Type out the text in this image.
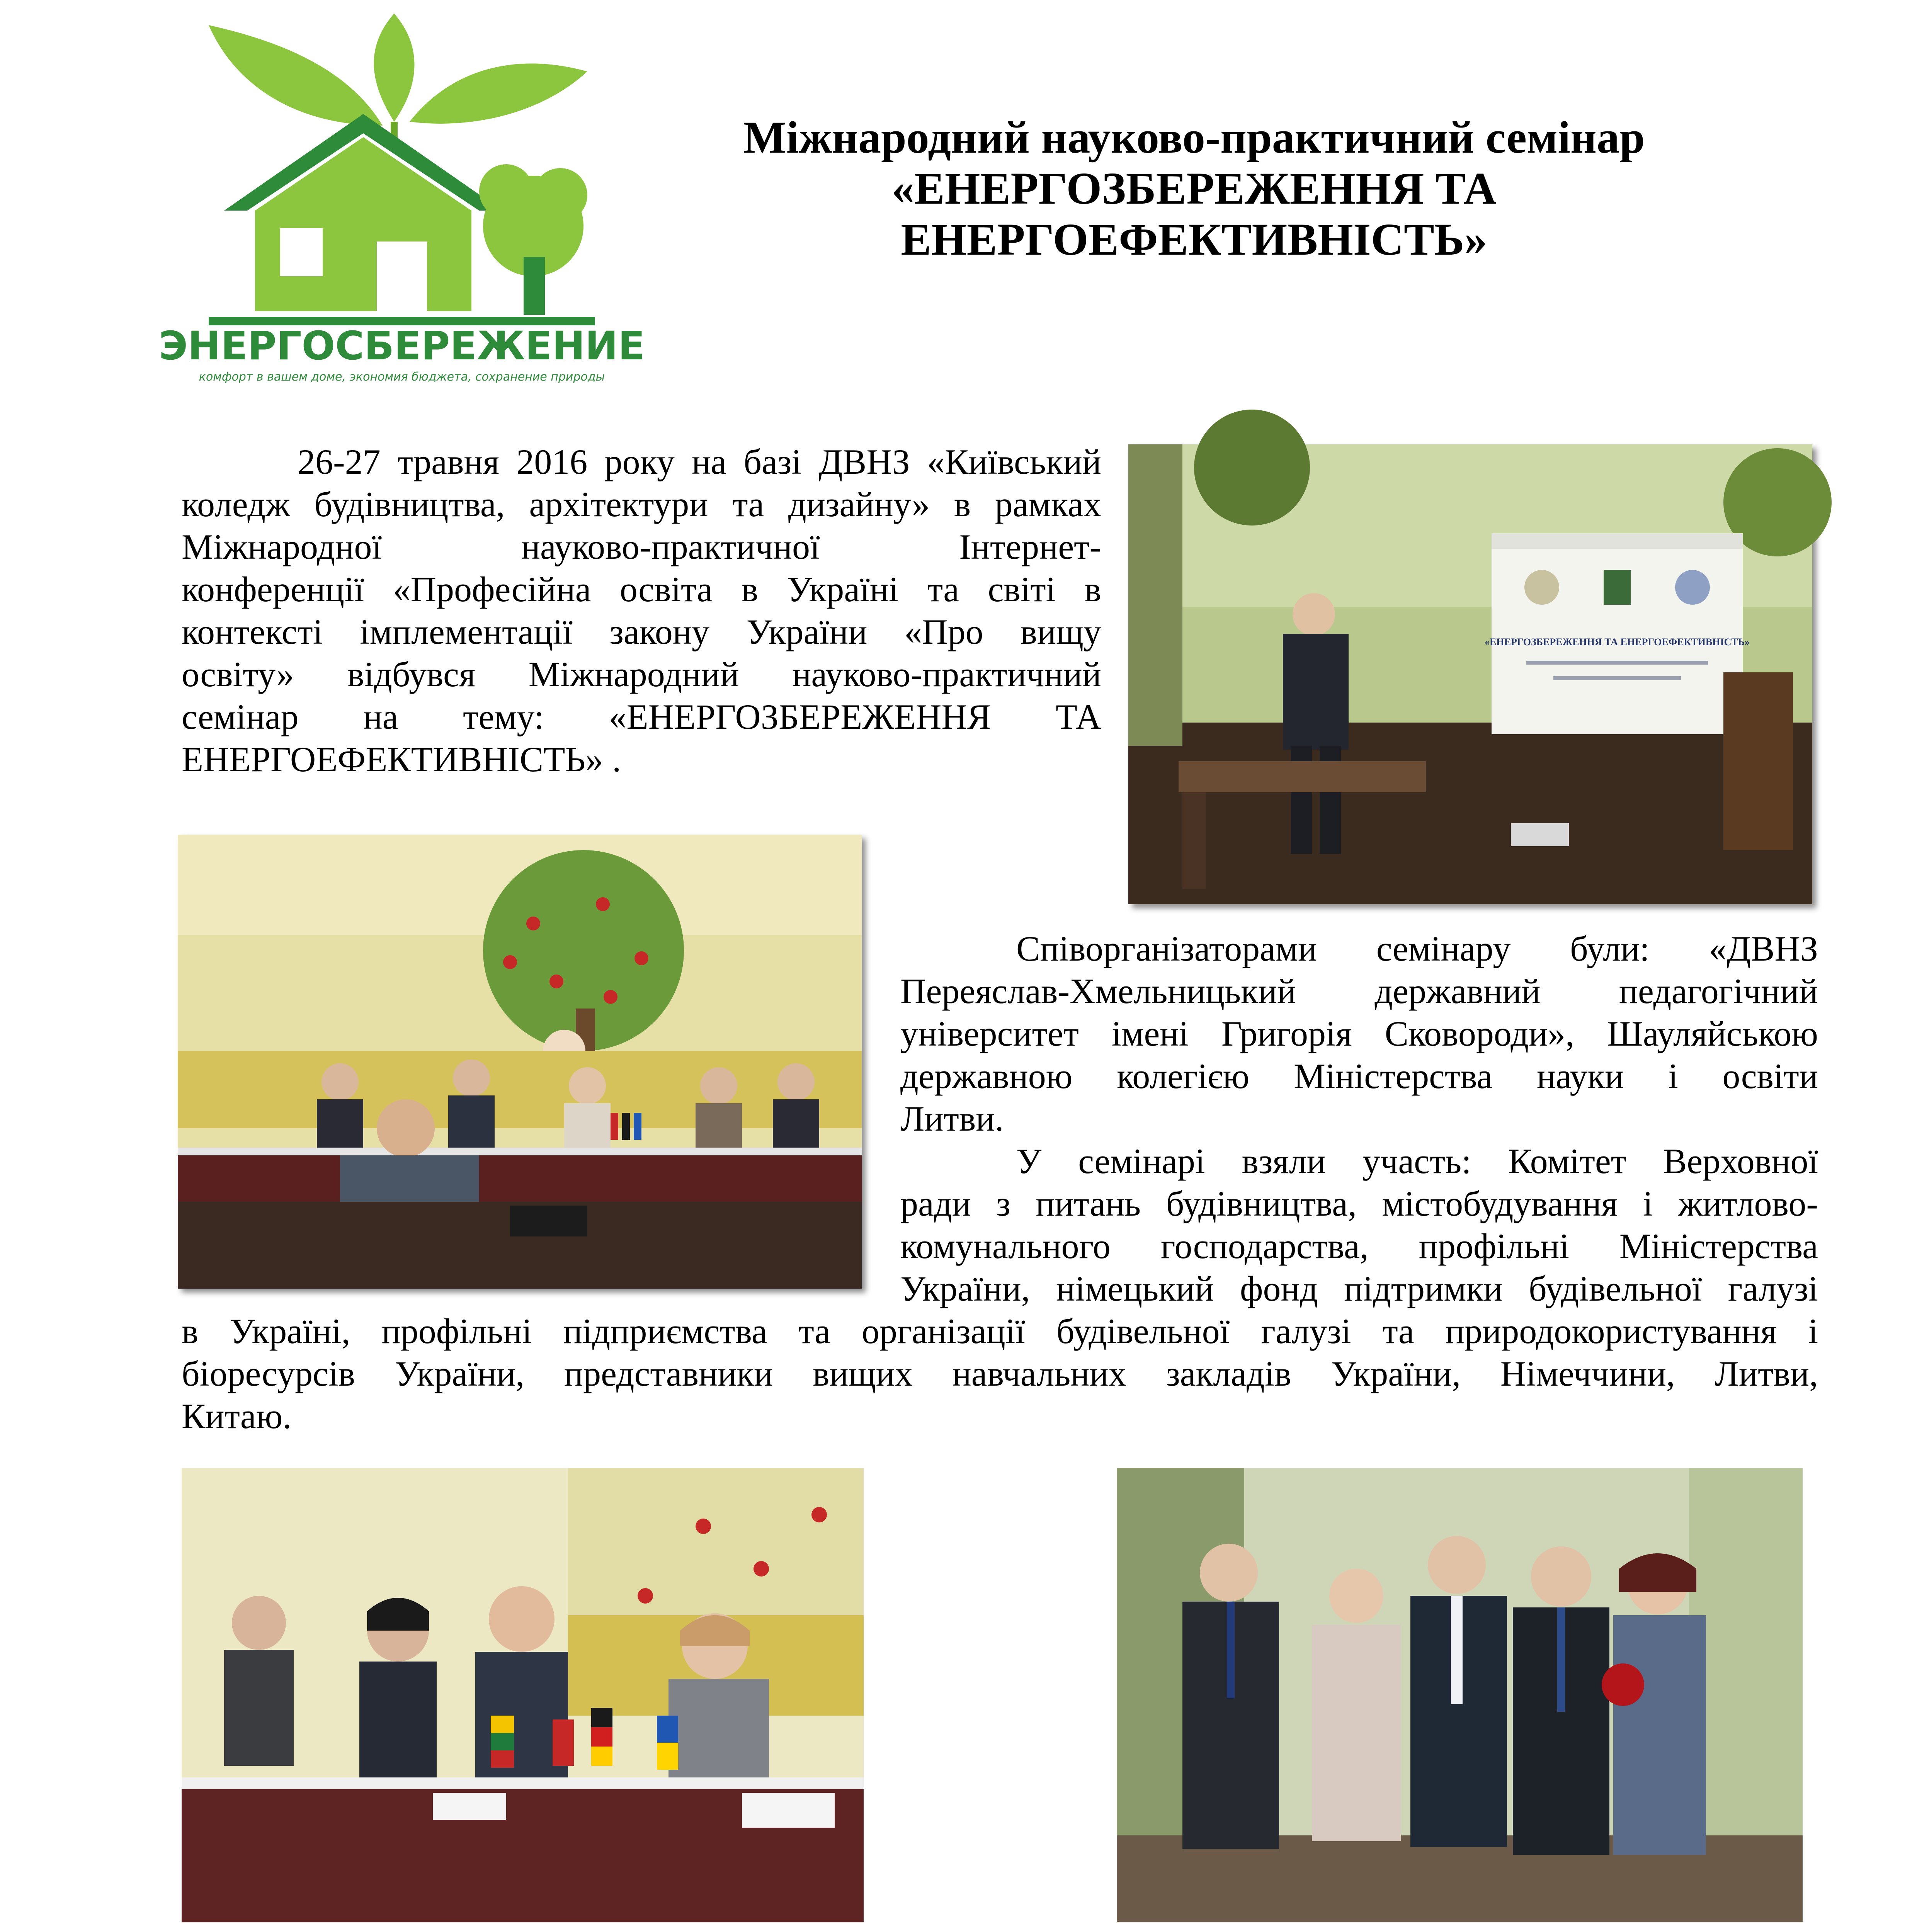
ЭНЕРГОСБЕРЕЖЕНИЕ
комфорт в вашем доме, экономия бюджета, сохранение природы
Міжнародний науково-практичний семінар
«ЕНЕРГОЗБЕРЕЖЕННЯ ТА
ЕНЕРГОЕФЕКТИВНІСТЬ»
26-27 травня 2016 року на базі ДВНЗ «Київський
коледж будівництва, архітектури та дизайну» в рамках
Міжнародної науково-практичної Інтернет-
конференції «Професійна освіта в Україні та світі в
контексті імплементації закону України «Про вищу
освіту» відбувся Міжнародний науково-практичний
семінар на тему: «ЕНЕРГОЗБЕРЕЖЕННЯ ТА
ЕНЕРГОЕФЕКТИВНІСТЬ» .
«ЕНЕРГОЗБЕРЕЖЕННЯ ТА ЕНЕРГОЕФЕКТИВНІСТЬ»
Співорганізаторами семінару були: «ДВНЗ
Переяслав-Хмельницький державний педагогічний
університет імені Григорія Сковороди», Шауляйською
державною колегією Міністерства науки і освіти
Литви.
У семінарі взяли участь: Комітет Верховної
ради з питань будівництва, містобудування і житлово-
комунального господарства, профільні Міністерства
України, німецький фонд підтримки будівельної галузі
в Україні, профільні підприємства та організації будівельної галузі та природокористування і
біоресурсів України, представники вищих навчальних закладів України, Німеччини, Литви,
Китаю.
